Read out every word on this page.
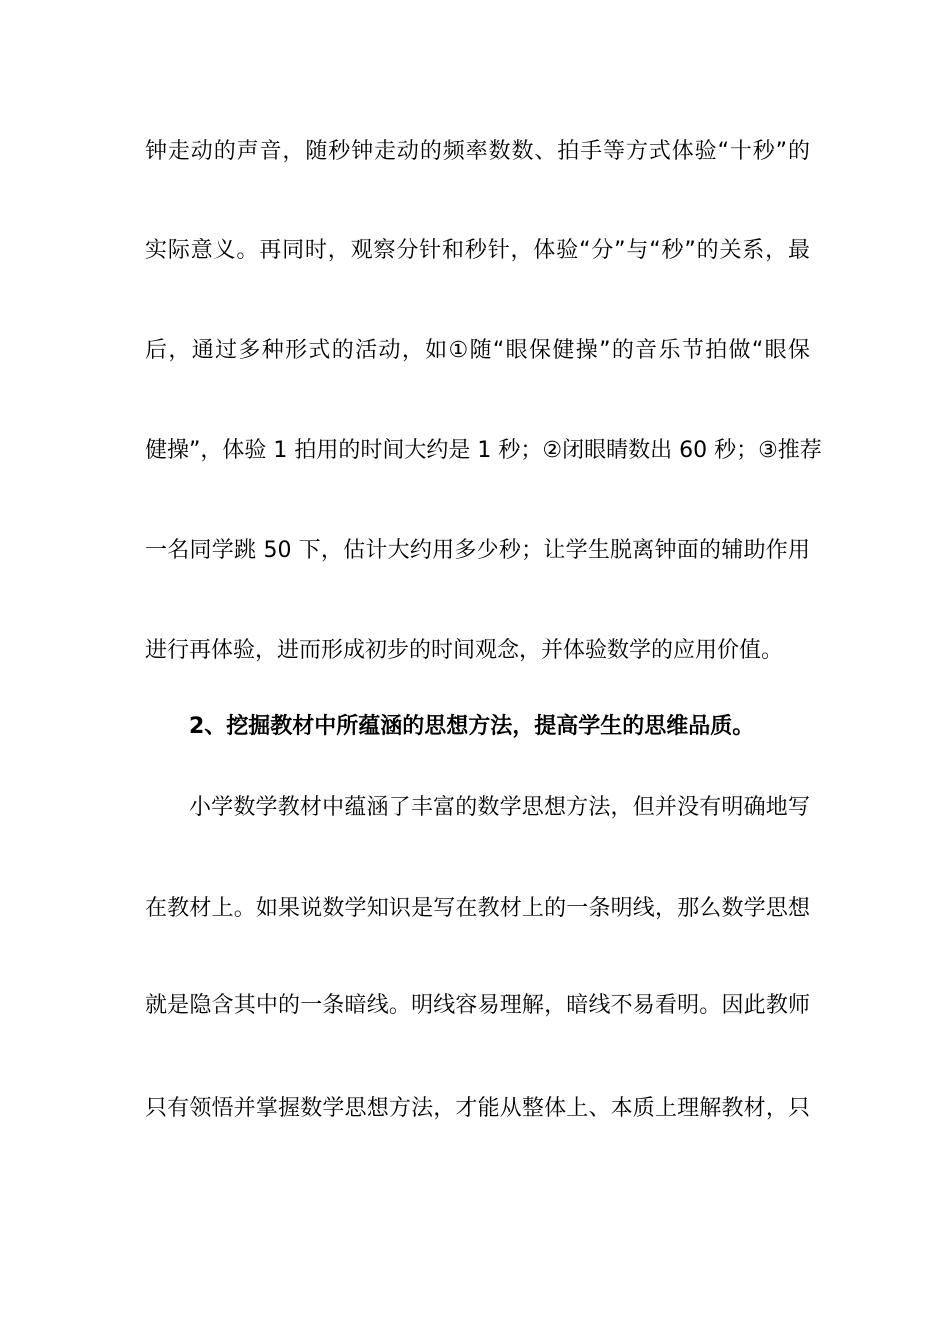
钟走动的声音，随秒钟走动的频率数数、拍手等方式体验“十秒”的
实际意义。再同时，观察分针和秒针，体验“分”与“秒”的关系，最
后，通过多种形式的活动，如①随“眼保健操”的音乐节拍做“眼保
健操”，体验 1 拍用的时间大约是 1 秒；②闭眼睛数出 60 秒；③推荐
一名同学跳 50 下，估计大约用多少秒；让学生脱离钟面的辅助作用
进行再体验，进而形成初步的时间观念，并体验数学的应用价值。
2、挖掘教材中所蕴涵的思想方法，提高学生的思维品质。
小学数学教材中蕴涵了丰富的数学思想方法，但并没有明确地写
在教材上。如果说数学知识是写在教材上的一条明线，那么数学思想
就是隐含其中的一条暗线。明线容易理解，暗线不易看明。因此教师
只有领悟并掌握数学思想方法，才能从整体上、本质上理解教材，只
